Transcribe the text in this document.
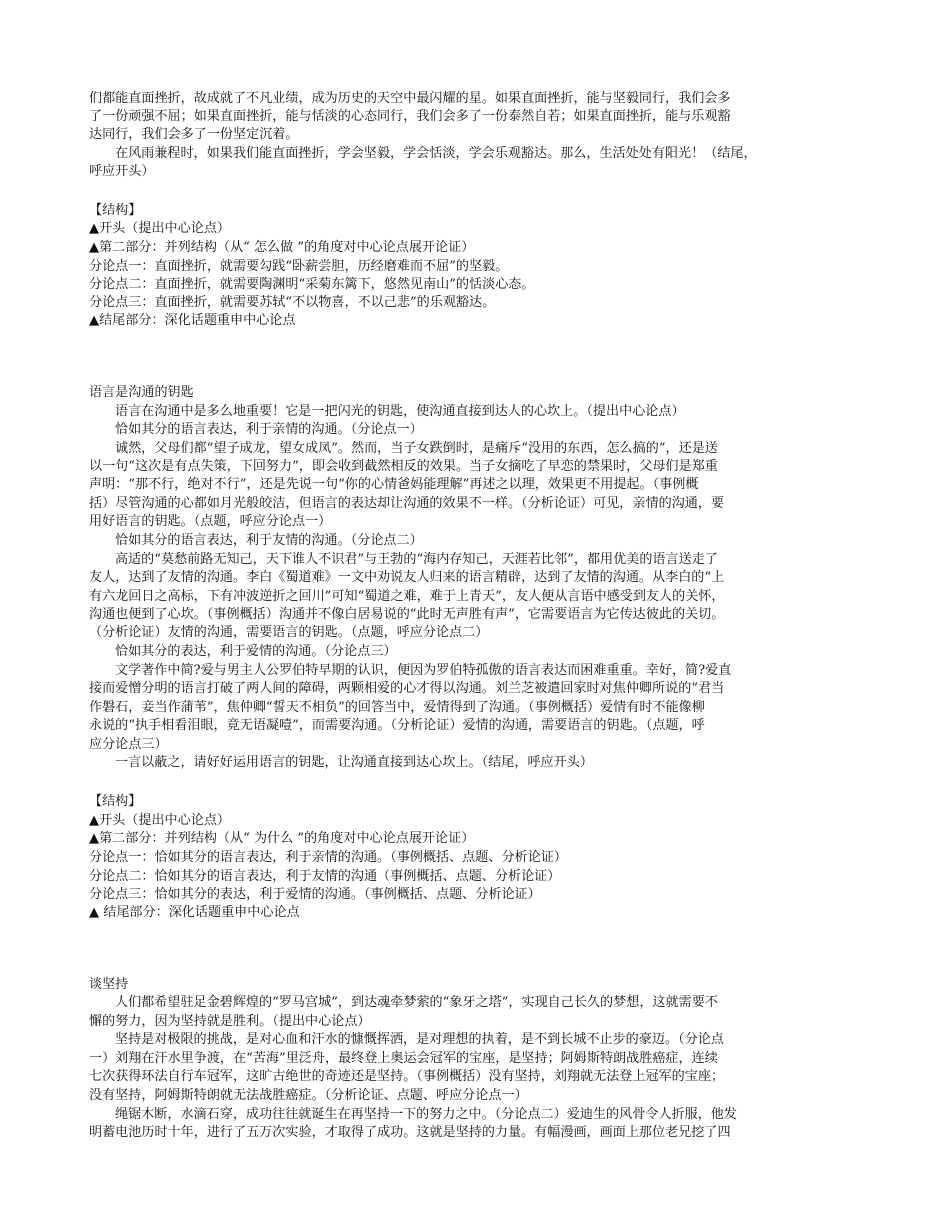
们都能直面挫折，故成就了不凡业绩，成为历史的天空中最闪耀的星。如果直面挫折，能与坚毅同行，我们会多
了一份顽强不屈；如果直面挫折，能与恬淡的心态同行，我们会多了一份泰然自若；如果直面挫折，能与乐观豁
达同行，我们会多了一份坚定沉着。
在风雨兼程时，如果我们能直面挫折，学会坚毅，学会恬淡，学会乐观豁达。那么，生活处处有阳光！（结尾，
呼应开头）
【结构】
▲开头（提出中心论点）
▲第二部分：并列结构（从“ 怎么做 ”的角度对中心论点展开论证）
分论点一：直面挫折，就需要勾践“卧薪尝胆，历经磨难而不屈”的坚毅。
分论点二：直面挫折，就需要陶渊明“采菊东篱下，悠然见南山”的恬淡心态。
分论点三：直面挫折，就需要苏轼“不以物喜，不以己悲”的乐观豁达。
▲结尾部分：深化话题重申中心论点
语言是沟通的钥匙
语言在沟通中是多么地重要！它是一把闪光的钥匙，使沟通直接到达人的心坎上。（提出中心论点）
恰如其分的语言表达，利于亲情的沟通。（分论点一）
诚然，父母们都“望子成龙，望女成凤”。然而，当子女跌倒时，是痛斥“没用的东西，怎么搞的”，还是送
以一句“这次是有点失策，下回努力”，即会收到截然相反的效果。当子女摘吃了早恋的禁果时，父母们是郑重
声明：“那不行，绝对不行”，还是先说一句“你的心情爸妈能理解”再述之以理，效果更不用提起。（事例概
括）尽管沟通的心都如月光般皎洁，但语言的表达却让沟通的效果不一样。（分析论证）可见，亲情的沟通，要
用好语言的钥匙。（点题，呼应分论点一）
恰如其分的语言表达，利于友情的沟通。（分论点二）
高适的“莫愁前路无知己，天下谁人不识君”与王勃的“海内存知己，天涯若比邻”，都用优美的语言送走了
友人，达到了友情的沟通。李白《蜀道难》一文中劝说友人归来的语言精辟，达到了友情的沟通。从李白的“上
有六龙回日之高标，下有冲波逆折之回川”可知“蜀道之难，难于上青天”，友人便从言语中感受到友人的关怀，
沟通也便到了心坎。（事例概括）沟通并不像白居易说的“此时无声胜有声”，它需要语言为它传达彼此的关切。
（分析论证）友情的沟通，需要语言的钥匙。（点题，呼应分论点二）
恰如其分的表达，利于爱情的沟通。（分论点三）
文学著作中简?爱与男主人公罗伯特早期的认识，便因为罗伯特孤傲的语言表达而困难重重。幸好，简?爱直
接而爱憎分明的语言打破了两人间的障碍，两颗相爱的心才得以沟通。刘兰芝被遣回家时对焦仲卿所说的“君当
作磐石，妾当作蒲苇”，焦仲卿“誓天不相负”的回答当中，爱情得到了沟通。（事例概括）爱情有时不能像柳
永说的“执手相看泪眼，竟无语凝噎”，而需要沟通。（分析论证）爱情的沟通，需要语言的钥匙。（点题，呼
应分论点三）
一言以蔽之，请好好运用语言的钥匙，让沟通直接到达心坎上。（结尾，呼应开头）
【结构】
▲开头（提出中心论点）
▲第二部分：并列结构（从“ 为什么 ”的角度对中心论点展开论证）
分论点一：恰如其分的语言表达，利于亲情的沟通。（事例概括、点题、分析论证）
分论点二：恰如其分的语言表达，利于友情的沟通（事例概括、点题、分析论证）
分论点三：恰如其分的表达，利于爱情的沟通。（事例概括、点题、分析论证）
▲ 结尾部分：深化话题重申中心论点
谈坚持
人们都希望驻足金碧辉煌的“罗马宫城”，到达魂牵梦萦的“象牙之塔”，实现自己长久的梦想，这就需要不
懈的努力，因为坚持就是胜利。（提出中心论点）
坚持是对极限的挑战，是对心血和汗水的慷慨挥洒，是对理想的执着，是不到长城不止步的豪迈。（分论点
一）刘翔在汗水里争渡，在“苦海”里泛舟，最终登上奥运会冠军的宝座，是坚持；阿姆斯特朗战胜癌症，连续
七次获得环法自行车冠军，这旷古绝世的奇迹还是坚持。（事例概括）没有坚持，刘翔就无法登上冠军的宝座；
没有坚持，阿姆斯特朗就无法战胜癌症。（分析论证、点题、呼应分论点一）
绳锯木断，水滴石穿，成功往往就诞生在再坚持一下的努力之中。（分论点二）爱迪生的风骨令人折服，他发
明蓄电池历时十年，进行了五万次实验，才取得了成功。这就是坚持的力量。有幅漫画，画面上那位老兄挖了四
